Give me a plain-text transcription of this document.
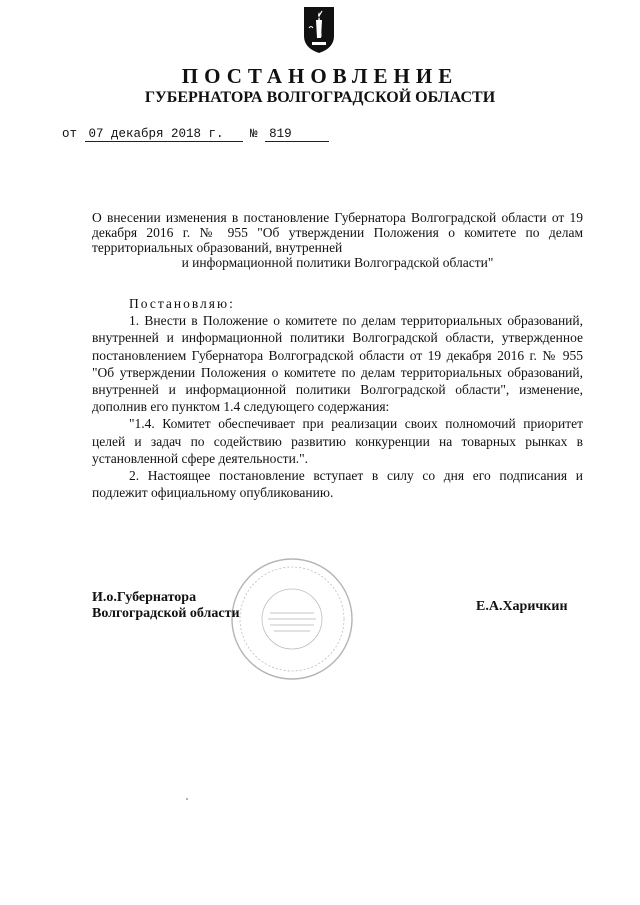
ПОСТАНОВЛЕНИЕ
ГУБЕРНАТОРА ВОЛГОГРАДСКОЙ ОБЛАСТИ
от 07 декабря 2018 г. № 819

О внесении изменения в постановление Губернатора Волгоградской области от 19 декабря 2016 г. № 955 "Об утверждении Положения о комитете по делам территориальных образований, внутренней

и информационной политики Волгоградской области"

Постановляю:

1. Внести в Положение о комитете по делам территориальных образований, внутренней и информационной политики Волгоградской области, утвержденное постановлением Губернатора Волгоградской области от 19 декабря 2016 г. № 955 "Об утверждении Положения о комитете по делам территориальных образований, внутренней и информационной политики Волгоградской области", изменение, дополнив его пунктом 1.4 следующего содержания:

"1.4. Комитет обеспечивает при реализации своих полномочий приоритет целей и задач по содействию развитию конкуренции на товарных рынках в установленной сфере деятельности.".

2. Настоящее постановление вступает в силу со дня его подписания и подлежит официальному опубликованию.

И.о.Губернатора
Волгоградской области	Е.А.Харичкин
